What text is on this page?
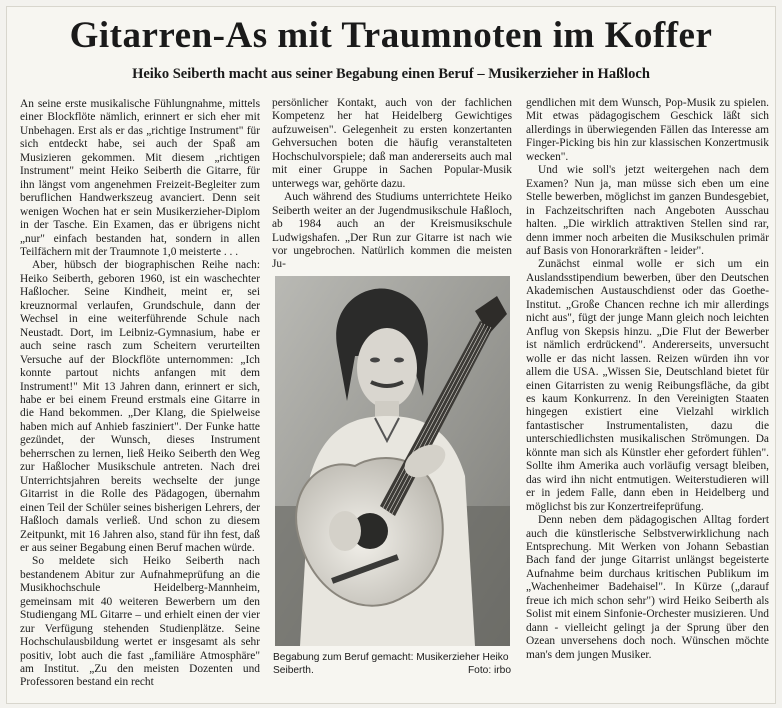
Gitarren-As mit Traumnoten im Koffer
Heiko Seiberth macht aus seiner Begabung einen Beruf – Musikerzieher in Haßloch

An seine erste musikalische Fühlungnahme, mittels einer Blockflöte nämlich, erinnert er sich eher mit Unbehagen. Erst als er das „richtige Instrument" für sich entdeckt habe, sei auch der Spaß am Musizieren gekommen. Mit diesem „richtigen Instrument" meint Heiko Seiberth die Gitarre, für ihn längst vom angenehmen Freizeit-Begleiter zum beruflichen Handwerkszeug avanciert. Denn seit wenigen Wochen hat er sein Musikerzieher-Diplom in der Tasche. Ein Examen, das er übrigens nicht „nur" einfach bestanden hat, sondern in allen Teilfächern mit der Traumnote 1,0 meisterte . . .

Aber, hübsch der biographischen Reihe nach: Heiko Seiberth, geboren 1960, ist ein waschechter Haßlocher. Seine Kindheit, meint er, sei kreuznormal verlaufen, Grundschule, dann der Wechsel in eine weiterführende Schule nach Neustadt. Dort, im Leibniz-Gymnasium, habe er auch seine rasch zum Scheitern verurteilten Versuche auf der Blockflöte unternommen: „Ich konnte partout nichts anfangen mit dem Instrument!" Mit 13 Jahren dann, erinnert er sich, habe er bei einem Freund erstmals eine Gitarre in die Hand bekommen. „Der Klang, die Spielweise haben mich auf Anhieb fasziniert". Der Funke hatte gezündet, der Wunsch, dieses Instrument beherrschen zu lernen, ließ Heiko Seiberth den Weg zur Haßlocher Musikschule antreten. Nach drei Unterrichtsjahren bereits wechselte der junge Gitarrist in die Rolle des Pädagogen, übernahm einen Teil der Schüler seines bisherigen Lehrers, der Haßloch damals verließ. Und schon zu diesem Zeitpunkt, mit 16 Jahren also, stand für ihn fest, daß er aus seiner Begabung einen Beruf machen würde.

So meldete sich Heiko Seiberth nach bestandenem Abitur zur Aufnahmeprüfung an die Musikhochschule Heidelberg-Mannheim, gemeinsam mit 40 weiteren Bewerbern um den Studiengang ML Gitarre – und erhielt einen der vier zur Verfügung stehenden Studienplätze. Seine Hochschulausbildung wertet er insgesamt als sehr positiv, lobt auch die fast „familiäre Atmosphäre" am Institut. „Zu den meisten Dozenten und Professoren bestand ein recht

persönlicher Kontakt, auch von der fachlichen Kompetenz her hat Heidelberg Gewichtiges aufzuweisen". Gelegenheit zu ersten konzertanten Gehversuchen boten die häufig veranstalteten Hochschulvorspiele; daß man andererseits auch mal mit einer Gruppe in Sachen Popular-Musik unterwegs war, gehörte dazu.

Auch während des Studiums unterrichtete Heiko Seiberth weiter an der Jugendmusikschule Haßloch, ab 1984 auch an der Kreismusikschule Ludwigshafen. „Der Run zur Gitarre ist nach wie vor ungebrochen. Natürlich kommen die meisten Ju-

Begabung zum Beruf gemacht: Musikerzieher Heiko Seiberth.	Foto: irbo

gendlichen mit dem Wunsch, Pop-Musik zu spielen. Mit etwas pädagogischem Geschick läßt sich allerdings in überwiegenden Fällen das Interesse am Finger-Picking bis hin zur klassischen Konzertmusik wecken".

Und wie soll's jetzt weitergehen nach dem Examen? Nun ja, man müsse sich eben um eine Stelle bewerben, möglichst im ganzen Bundesgebiet, in Fachzeitschriften nach Angeboten Ausschau halten. „Die wirklich attraktiven Stellen sind rar, denn immer noch arbeiten die Musikschulen primär auf Basis von Honorarkräften - leider".

Zunächst einmal wolle er sich um ein Auslandsstipendium bewerben, über den Deutschen Akademischen Austauschdienst oder das Goethe-Institut. „Große Chancen rechne ich mir allerdings nicht aus", fügt der junge Mann gleich noch leichten Anflug von Skepsis hinzu. „Die Flut der Bewerber ist nämlich erdrückend". Andererseits, unversucht wolle er das nicht lassen. Reizen würden ihn vor allem die USA. „Wissen Sie, Deutschland bietet für einen Gitarristen zu wenig Reibungsfläche, da gibt es kaum Konkurrenz. In den Vereinigten Staaten hingegen existiert eine Vielzahl wirklich fantastischer Instrumentalisten, dazu die unterschiedlichsten musikalischen Strömungen. Da könnte man sich als Künstler eher gefordert fühlen". Sollte ihm Amerika auch vorläufig versagt bleiben, das wird ihn nicht entmutigen. Weiterstudieren will er in jedem Falle, dann eben in Heidelberg und möglichst bis zur Konzertreifeprüfung.

Denn neben dem pädagogischen Alltag fordert auch die künstlerische Selbstverwirklichung nach Entsprechung. Mit Werken von Johann Sebastian Bach fand der junge Gitarrist unlängst begeisterte Aufnahme beim durchaus kritischen Publikum im „Wachenheimer Badehaisel". In Kürze („darauf freue ich mich schon sehr") wird Heiko Seiberth als Solist mit einem Sinfonie-Orchester musizieren. Und dann - vielleicht gelingt ja der Sprung über den Ozean unversehens doch noch. Wünschen möchte man's dem jungen Musiker.
